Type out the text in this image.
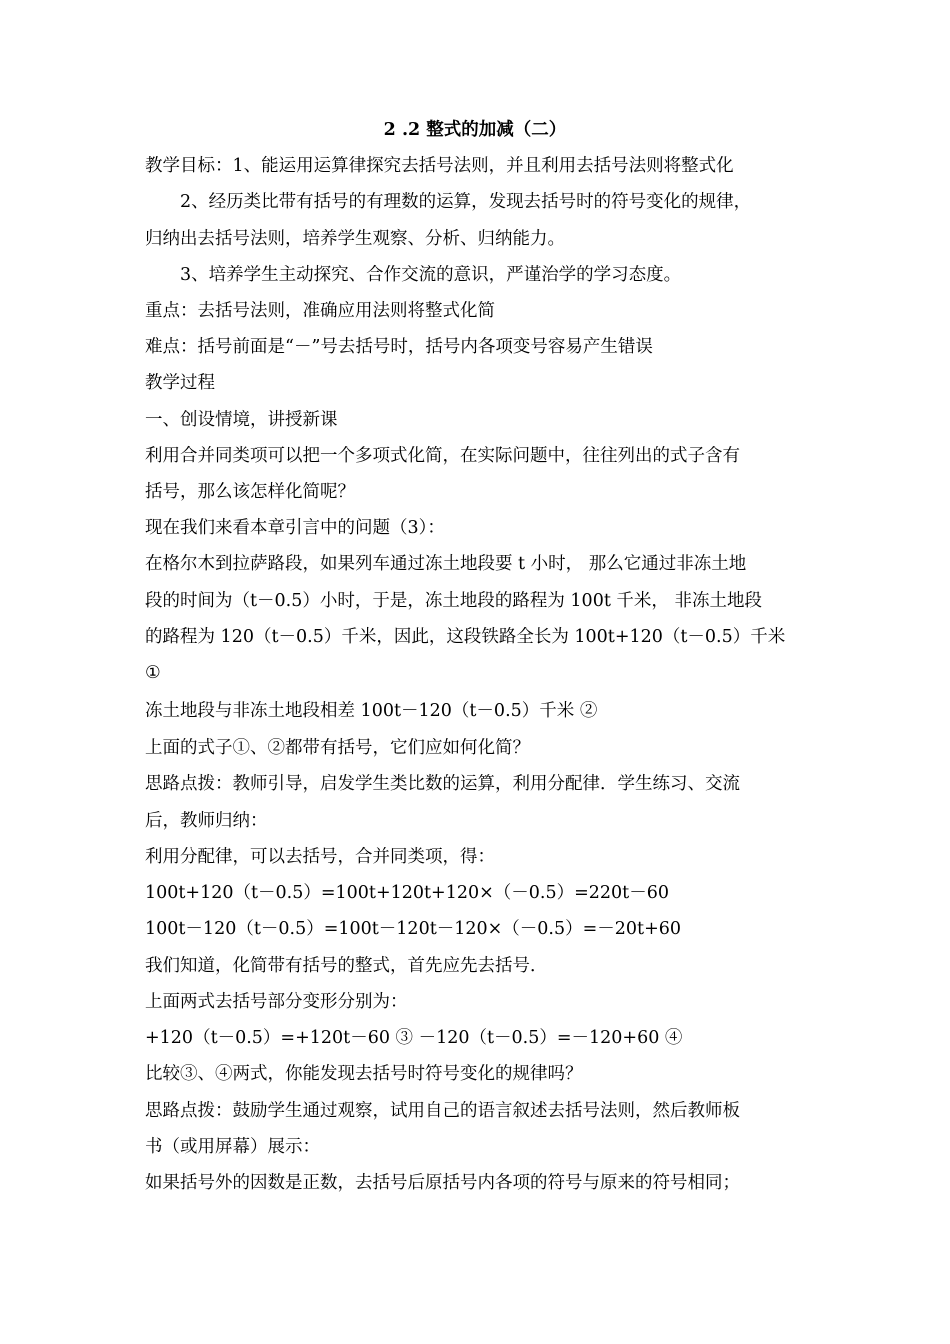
2 .2 整式的加减（二）
教学目标：1、能运用运算律探究去括号法则，并且利用去括号法则将整式化
2、经历类比带有括号的有理数的运算，发现去括号时的符号变化的规律，
归纳出去括号法则，培养学生观察、分析、归纳能力。
3、培养学生主动探究、合作交流的意识，严谨治学的学习态度。
重点：去括号法则，准确应用法则将整式化简
难点：括号前面是“－”号去括号时，括号内各项变号容易产生错误
教学过程
一、创设情境，讲授新课
利用合并同类项可以把一个多项式化简，在实际问题中，往往列出的式子含有
括号，那么该怎样化简呢？
现在我们来看本章引言中的问题（3）：
在格尔木到拉萨路段，如果列车通过冻土地段要 t 小时， 那么它通过非冻土地
段的时间为（t－0.5）小时，于是，冻土地段的路程为 100t 千米， 非冻土地段
的路程为 120（t－0.5）千米，因此，这段铁路全长为 100t+120（t－0.5）千米
①
冻土地段与非冻土地段相差 100t－120（t－0.5）千米 ②
上面的式子①、②都带有括号，它们应如何化简？
思路点拨：教师引导，启发学生类比数的运算，利用分配律．学生练习、交流
后，教师归纳：
利用分配律，可以去括号，合并同类项，得：
100t+120（t－0.5）=100t+120t+120×（－0.5）=220t－60
100t－120（t－0.5）=100t－120t－120×（－0.5）=－20t+60
我们知道，化简带有括号的整式，首先应先去括号．
上面两式去括号部分变形分别为：
+120（t－0.5）=+120t－60 ③ －120（t－0.5）=－120+60 ④
比较③、④两式，你能发现去括号时符号变化的规律吗？
思路点拨：鼓励学生通过观察，试用自己的语言叙述去括号法则，然后教师板
书（或用屏幕）展示：
如果括号外的因数是正数，去括号后原括号内各项的符号与原来的符号相同；
